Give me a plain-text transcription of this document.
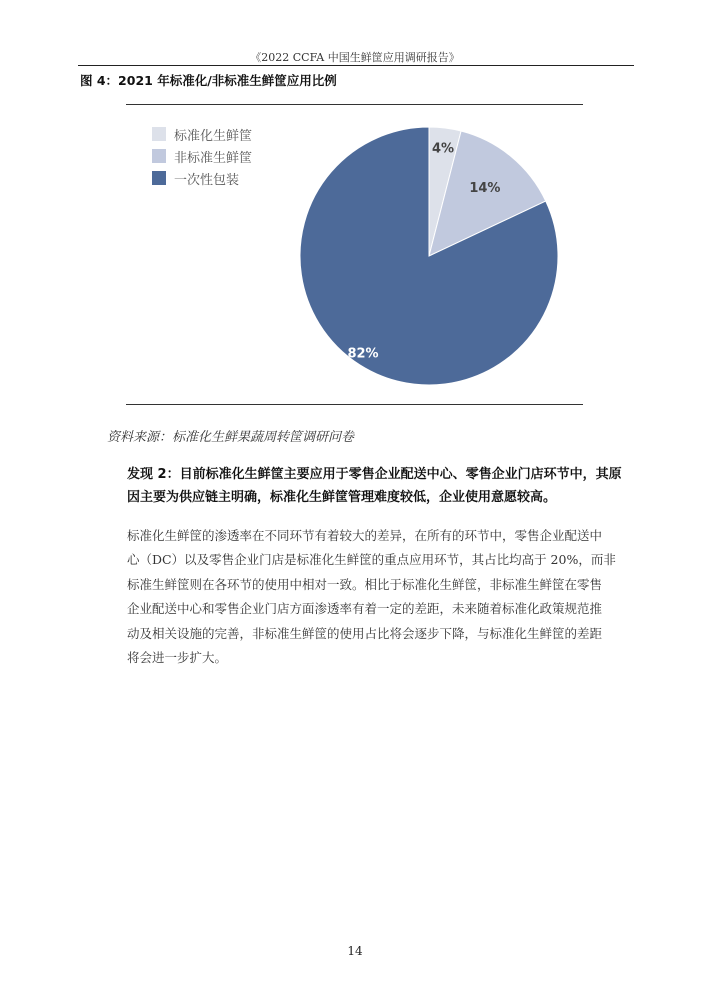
《2022 CCFA 中国生鲜筐应用调研报告》
图 4：2021 年标准化/非标准生鲜筐应用比例
4%
14%
82%
标准化生鲜筐
非标准生鲜筐
一次性包装
资料来源：标准化生鲜果蔬周转筐调研问卷

发现 2：目前标准化生鲜筐主要应用于零售企业配送中心、零售企业门店环节中，其原

因主要为供应链主明确，标准化生鲜筐管理难度较低，企业使用意愿较高。

标准化生鲜筐的渗透率在不同环节有着较大的差异，在所有的环节中，零售企业配送中

心（DC）以及零售企业门店是标准化生鲜筐的重点应用环节，其占比均高于 20%，而非

标准生鲜筐则在各环节的使用中相对一致。相比于标准化生鲜筐，非标准生鲜筐在零售

企业配送中心和零售企业门店方面渗透率有着一定的差距，未来随着标准化政策规范推

动及相关设施的完善，非标准生鲜筐的使用占比将会逐步下降，与标准化生鲜筐的差距

将会进一步扩大。

14
